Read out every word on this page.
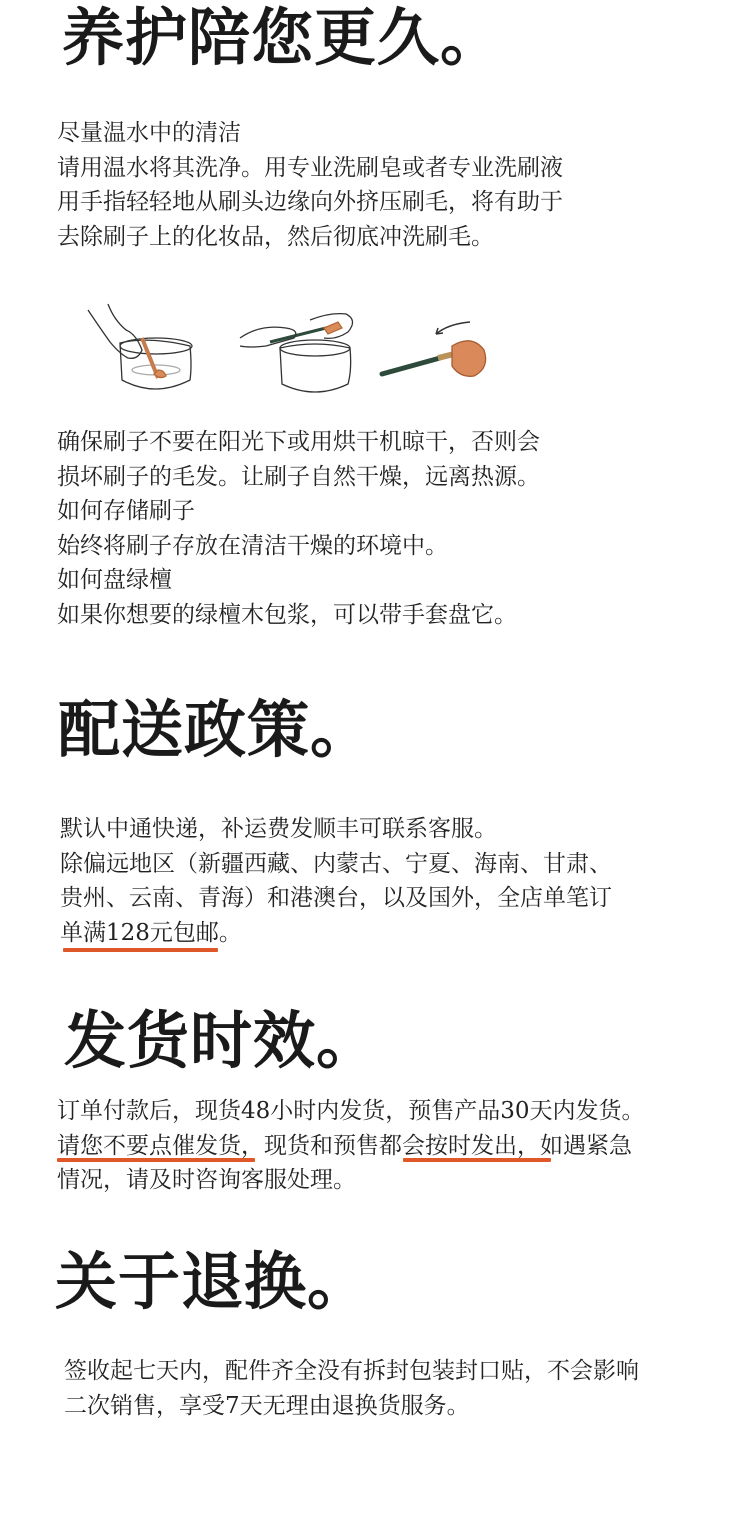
养护陪您更久。
尽量温水中的清洁
请用温水将其洗净。用专业洗刷皂或者专业洗刷液
用手指轻轻地从刷头边缘向外挤压刷毛，将有助于
去除刷子上的化妆品，然后彻底冲洗刷毛。
确保刷子不要在阳光下或用烘干机晾干，否则会
损坏刷子的毛发。让刷子自然干燥，远离热源。
如何存储刷子
始终将刷子存放在清洁干燥的环境中。
如何盘绿檀
如果你想要的绿檀木包浆，可以带手套盘它。
配送政策。
默认中通快递，补运费发顺丰可联系客服。
除偏远地区（新疆西藏、内蒙古、宁夏、海南、甘肃、
贵州、云南、青海）和港澳台，以及国外，全店单笔订
单满128元包邮。
发货时效。
订单付款后，现货48小时内发货，预售产品30天内发货。
请您不要点催发货，现货和预售都会按时发出，如遇紧急
情况，请及时咨询客服处理。
关于退换。
签收起七天内，配件齐全没有拆封包装封口贴，不会影响
二次销售，享受7天无理由退换货服务。
